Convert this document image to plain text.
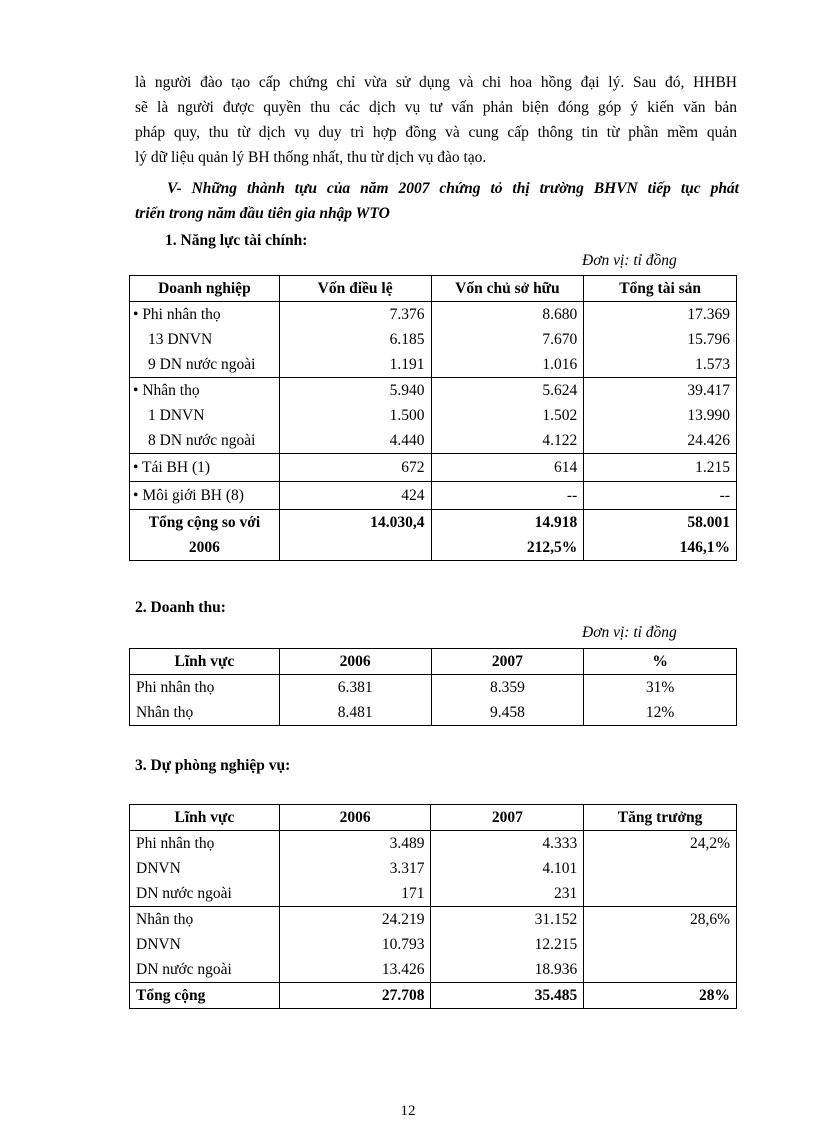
là người đào tạo cấp chứng chỉ vừa sử dụng và chi hoa hồng đại lý. Sau đó, HHBH
sẽ là người được quyền thu các dịch vụ tư vấn phản biện đóng góp ý kiến văn bản
pháp quy, thu từ dịch vụ duy trì hợp đồng và cung cấp thông tin từ phần mềm quản
lý dữ liệu quản lý BH thống nhất, thu từ dịch vụ đào tạo.
V- Những thành tựu của năm 2007 chứng tỏ thị trường BHVN tiếp tục phát
triển trong năm đầu tiên gia nhập WTO
1. Năng lực tài chính:
Đơn vị: tỉ đồng
Doanh nghiệp	Vốn điều lệ	Vốn chủ sở hữu	Tổng tài sản
• Phi nhân thọ	7.376	8.680	17.369
13 DNVN	6.185	7.670	15.796
9 DN nước ngoài	1.191	1.016	1.573
• Nhân thọ	5.940	5.624	39.417
1 DNVN	1.500	1.502	13.990
8 DN nước ngoài	4.440	4.122	24.426
• Tái BH (1)	672	614	1.215
• Môi giới BH (8)	424	--	--
Tổng cộng so với	14.030,4	14.918	58.001
2006		212,5%	146,1%
2. Doanh thu:
Đơn vị: tỉ đồng
Lĩnh vực	2006	2007	%
Phi nhân thọ	6.381	8.359	31%
Nhân thọ	8.481	9.458	12%
3. Dự phòng nghiệp vụ:
Lĩnh vực	2006	2007	Tăng trưởng
Phi nhân thọ	3.489	4.333	24,2%
DNVN	3.317	4.101	
DN nước ngoài	171	231	
Nhân thọ	24.219	31.152	28,6%
DNVN	10.793	12.215	
DN nước ngoài	13.426	18.936	
Tổng cộng	27.708	35.485	28%
12
